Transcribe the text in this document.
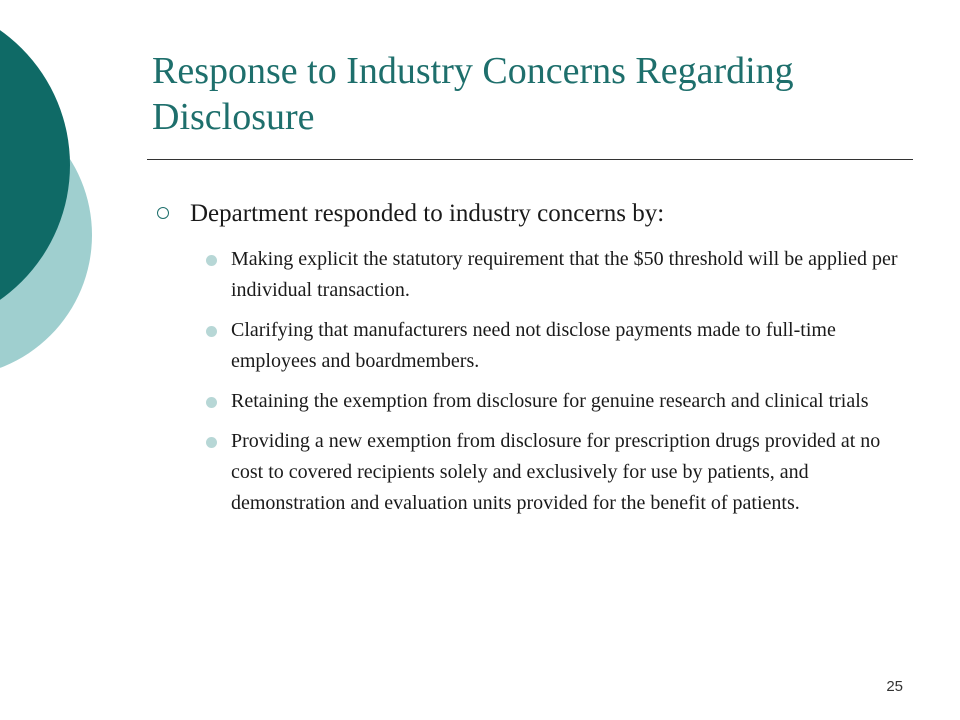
Response to Industry Concerns Regarding Disclosure
Department responded to industry concerns by:
Making explicit the statutory requirement that the $50 threshold will be applied per individual transaction.
Clarifying that manufacturers need not disclose payments made to full-time employees and boardmembers.
Retaining the exemption from disclosure for genuine research and clinical trials
Providing a new exemption from disclosure for prescription drugs provided at no cost to covered recipients solely and exclusively for use by patients, and demonstration and evaluation units provided for the benefit of patients.
25
